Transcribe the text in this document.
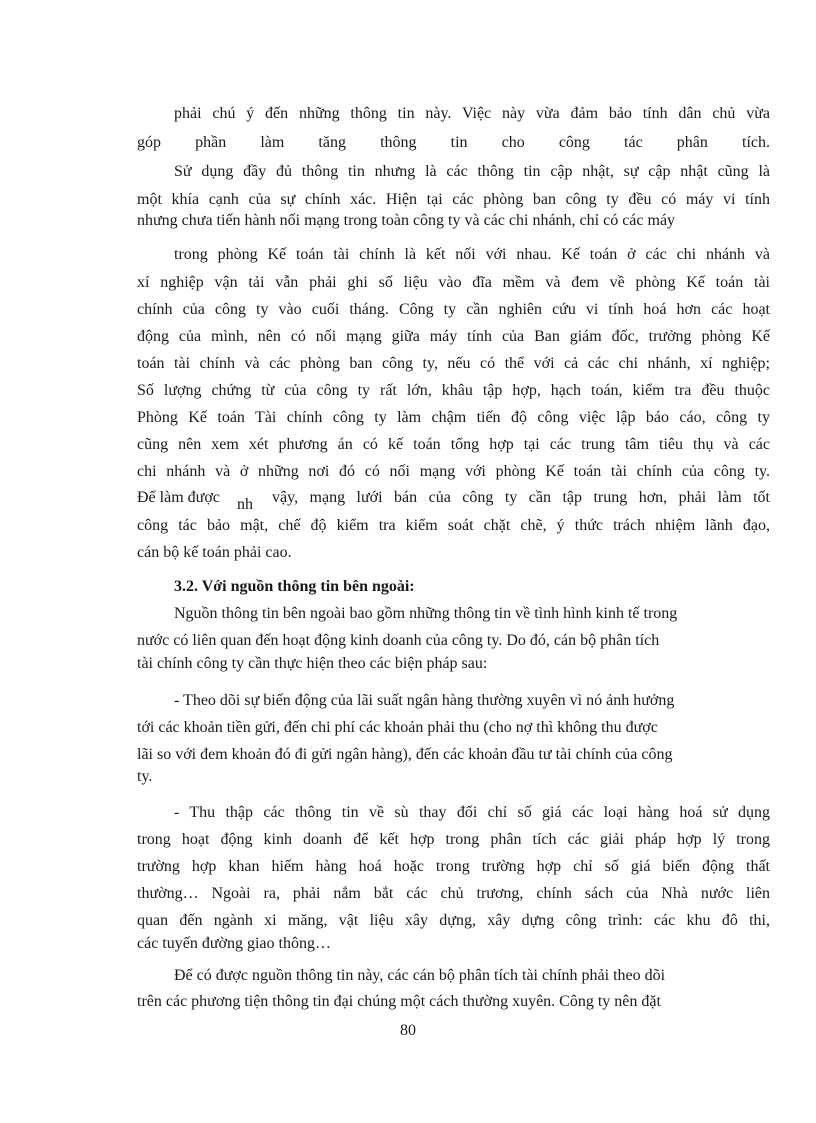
phải chú ý đến những thông tin này. Việc này vừa đảm bảo tính dân chủ vừa
góp phần làm tăng thông tin cho công tác phân tích.
Sử dụng đầy đủ thông tin nhưng là các thông tin cập nhật, sự cập nhật cũng là
một khía cạnh của sự chính xác. Hiện tại các phòng ban công ty đều có máy vi tính
nhưng chưa tiến hành nối mạng trong toàn công ty và các chi nhánh, chỉ có các máy
trong phòng Kế toán tài chính là kết nối với nhau. Kế toán ở các chi nhánh và
xí nghiệp vận tải vẫn phải ghi số liệu vào đĩa mềm và đem về phòng Kế toán tài
chính của công ty vào cuối tháng. Công ty cần nghiên cứu vi tính hoá hơn các hoạt
động của mình, nên có nối mạng giữa máy tính của Ban giám đốc, trưởng phòng Kế
toán tài chính và các phòng ban công ty, nếu có thể với cả các chi nhánh, xí nghiệp;
Số lượng chứng từ của công ty rất lớn, khâu tập hợp, hạch toán, kiểm tra đều thuộc
Phòng Kế toán Tài chính công ty làm chậm tiến độ công việc lập báo cáo, công ty
cũng nên xem xét phương án có kế toán tổng hợp tại các trung tâm tiêu thụ và các
chi nhánh và ở những nơi đó có nối mạng với phòng Kế toán tài chính của công ty.
Để làm được nh vậy, mạng lưới bán của công ty cần tập trung hơn, phải làm tốt
công tác bảo mật, chế độ kiểm tra kiểm soát chặt chẽ, ý thức trách nhiệm lãnh đạo,
cán bộ kế toán phải cao.
3.2. Với nguồn thông tin bên ngoài:
Nguồn thông tin bên ngoài bao gồm những thông tin về tình hình kinh tế trong
nước có liên quan đến hoạt động kinh doanh của công ty. Do đó, cán bộ phân tích
tài chính công ty cần thực hiện theo các biện pháp sau:
- Theo dõi sự biến động của lãi suất ngân hàng thường xuyên vì nó ảnh hưởng
tới các khoản tiền gửi, đến chi phí các khoản phải thu (cho nợ thì không thu được
lãi so với đem khoản đó đi gửi ngân hàng), đến các khoản đầu tư tài chính của công
ty.
- Thu thập các thông tin về sù thay đổi chỉ số giá các loại hàng hoá sử dụng
trong hoạt động kinh doanh để kết hợp trong phân tích các giải pháp hợp lý trong
trường hợp khan hiếm hàng hoá hoặc trong trường hợp chỉ số giá biến động thất
thường… Ngoài ra, phải nắm bắt các chủ trương, chính sách của Nhà nước liên
quan đến ngành xi măng, vật liệu xây dựng, xây dựng công trình: các khu đô thi,
các tuyến đường giao thông…
Để có được nguồn thông tin này, các cán bộ phân tích tài chính phải theo dõi
trên các phương tiện thông tin đại chúng một cách thường xuyên. Công ty nên đặt
80
